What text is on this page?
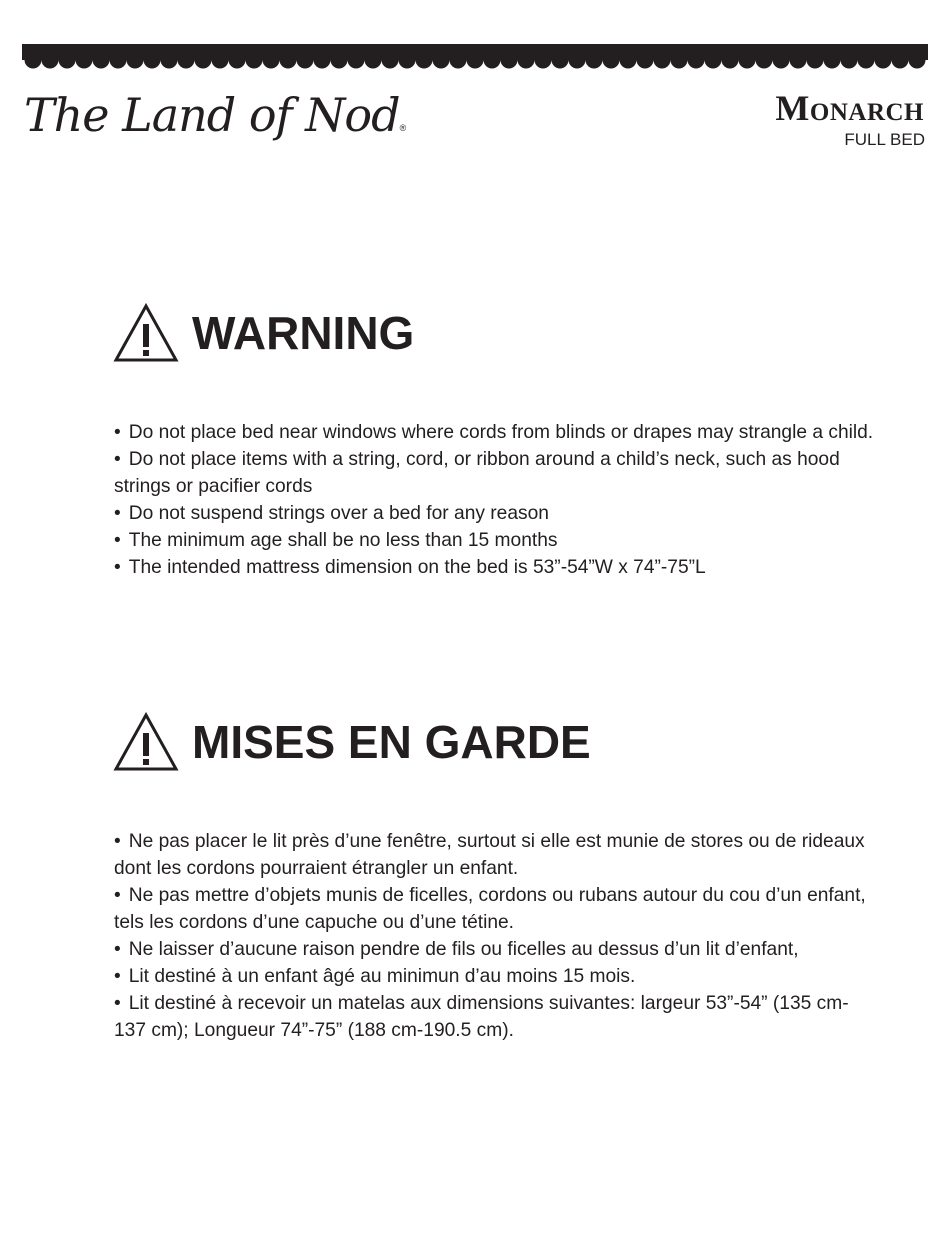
The Land of Nod®	Monarch
FULL BED
WARNING
• Do not place bed near windows where cords from blinds or drapes may strangle a child.
• Do not place items with a string, cord, or ribbon around a child’s neck, such as hood strings or pacifier cords
• Do not suspend strings over a bed for any reason
• The minimum age shall be no less than 15 months
• The intended mattress dimension on the bed is 53”-54”W x 74”-75”L
MISES EN GARDE
• Ne pas placer le lit près d’une fenêtre, surtout si elle est munie de stores ou de rideaux dont les cordons pourraient étrangler un enfant.
• Ne pas mettre d’objets munis de ficelles, cordons ou rubans autour du cou d’un enfant, tels les cordons d’une capuche ou d’une tétine.
• Ne laisser d’aucune raison pendre de fils ou ficelles au dessus d’un lit d’enfant,
• Lit destiné à un enfant âgé au minimun d’au moins 15 mois.
• Lit destiné à recevoir un matelas aux dimensions suivantes: largeur 53”-54” (135 cm-137 cm); Longueur 74”-75” (188 cm-190.5 cm).
